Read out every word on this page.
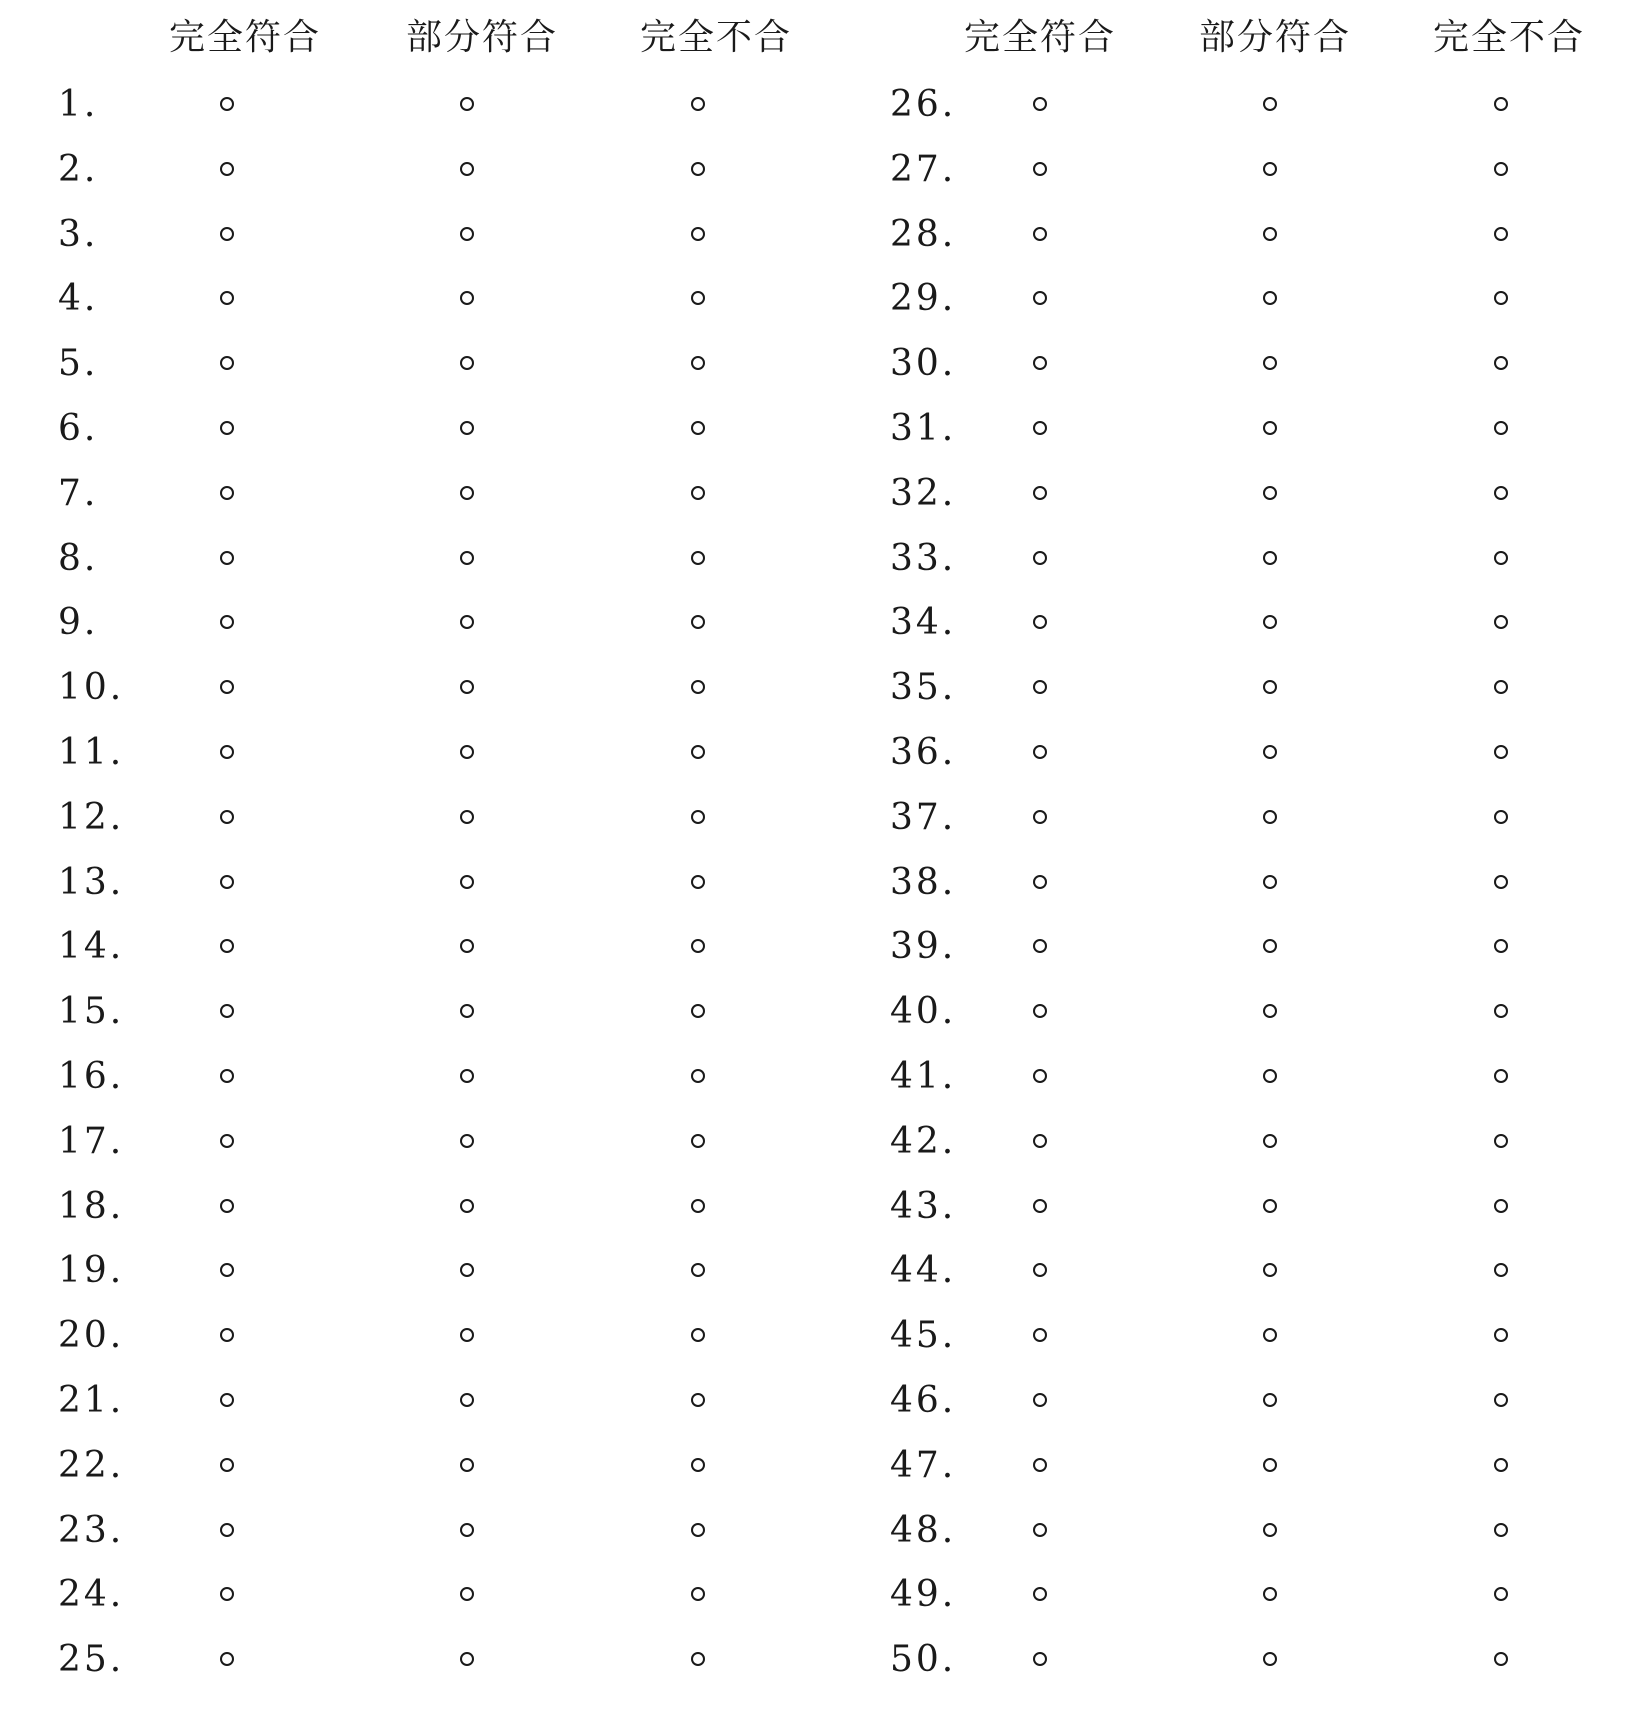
完全符合 部分符合 完全不合
1.
2.
3.
4.
5.
6.
7.
8.
9.
10.
11.
12.
13.
14.
15.
16.
17.
18.
19.
20.
21.
22.
23.
24.
25.
完全符合 部分符合 完全不合
26.
27.
28.
29.
30.
31.
32.
33.
34.
35.
36.
37.
38.
39.
40.
41.
42.
43.
44.
45.
46.
47.
48.
49.
50.
